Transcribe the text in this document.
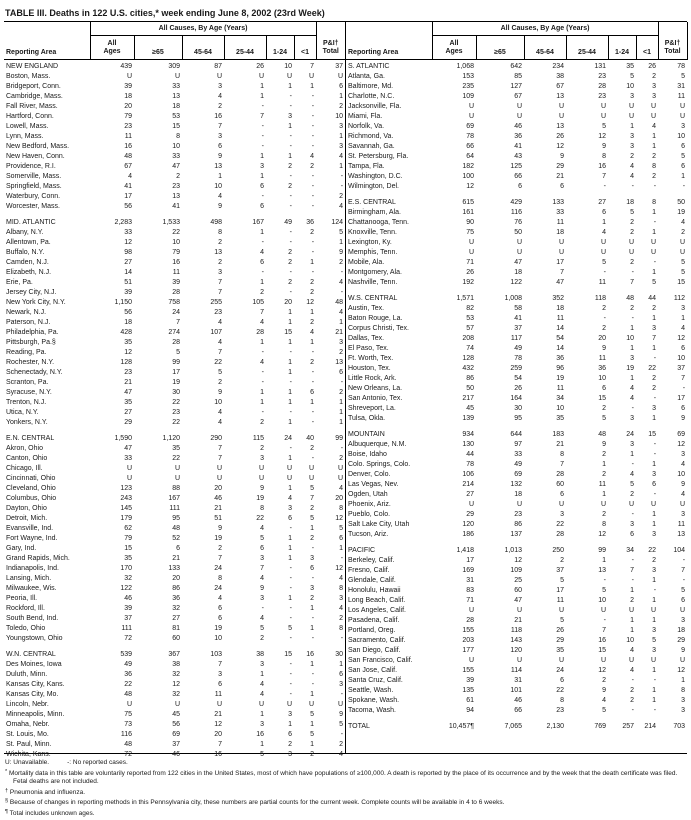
TABLE III. Deaths in 122 U.S. cities,* week ending June 8, 2002 (23rd Week)
Reporting Area	All Causes, By Age (Years)						P&I†
Total

	All
Ages	≥65	45-64	25-44	1-24	<1	
NEW ENGLAND	439	309	87	26	10	7	37
Boston, Mass.	U	U	U	U	U	U	U
Bridgeport, Conn.	39	33	3	1	1	1	6
Cambridge, Mass.	18	13	4	1	-	-	1
Fall River, Mass.	20	18	2	-	-	-	2
Hartford, Conn.	79	53	16	7	3	-	10
Lowell, Mass.	23	15	7	-	1	-	3
Lynn, Mass.	11	8	3	-	-	-	1
New Bedford, Mass.	16	10	6	-	-	-	3
New Haven, Conn.	48	33	9	1	1	4	4
Providence, R.I.	67	47	13	3	2	2	1
Somerville, Mass.	4	2	1	1	-	-	-
Springfield, Mass.	41	23	10	6	2	-	-
Waterbury, Conn.	17	13	4	-	-	-	2
Worcester, Mass.	56	41	9	6	-	-	4
MID. ATLANTIC	2,283	1,533	498	167	49	36	124
Albany, N.Y.	33	22	8	1	-	2	5
Allentown, Pa.	12	10	2	-	-	-	1
Buffalo, N.Y.	98	79	13	4	2	-	9
Camden, N.J.	27	16	2	6	2	1	2
Elizabeth, N.J.	14	11	3	-	-	-	-
Erie, Pa.	51	39	7	1	2	2	4
Jersey City, N.J.	39	28	7	2	-	2	-
New York City, N.Y.	1,150	758	255	105	20	12	48
Newark, N.J.	56	24	23	7	1	1	4
Paterson, N.J.	18	7	4	4	1	2	1
Philadelphia, Pa.	428	274	107	28	15	4	21
Pittsburgh, Pa.§	35	28	4	1	1	1	3
Reading, Pa.	12	5	7	-	-	-	2
Rochester, N.Y.	128	99	22	4	1	2	13
Schenectady, N.Y.	23	17	5	-	1	-	6
Scranton, Pa.	21	19	2	-	-	-	-
Syracuse, N.Y.	47	30	9	1	1	6	2
Trenton, N.J.	35	22	10	1	1	1	1
Utica, N.Y.	27	23	4	-	-	-	1
Yonkers, N.Y.	29	22	4	2	1	-	1
E.N. CENTRAL	1,590	1,120	290	115	24	40	99
Akron, Ohio	47	35	7	2	-	2	-
Canton, Ohio	33	22	7	3	1	-	2
Chicago, Ill.	U	U	U	U	U	U	U
Cincinnati, Ohio	U	U	U	U	U	U	U
Cleveland, Ohio	123	88	20	9	1	5	4
Columbus, Ohio	243	167	46	19	4	7	20
Dayton, Ohio	145	111	21	8	3	2	8
Detroit, Mich.	179	95	51	22	6	5	12
Evansville, Ind.	62	48	9	4	-	1	5
Fort Wayne, Ind.	79	52	19	5	1	2	6
Gary, Ind.	15	6	2	6	1	-	1
Grand Rapids, Mich.	35	21	7	3	1	3	-
Indianapolis, Ind.	170	133	24	7	-	6	12
Lansing, Mich.	32	20	8	4	-	-	4
Milwaukee, Wis.	122	86	24	9	-	3	8
Peoria, Ill.	46	36	4	3	1	2	3
Rockford, Ill.	39	32	6	-	-	1	4
South Bend, Ind.	37	27	6	4	-	-	2
Toledo, Ohio	111	81	19	5	5	1	8
Youngstown, Ohio	72	60	10	2	-	-	-
W.N. CENTRAL	539	367	103	38	15	16	30
Des Moines, Iowa	49	38	7	3	-	1	1
Duluth, Minn.	36	32	3	1	-	-	6
Kansas City, Kans.	22	12	6	4	-	-	3
Kansas City, Mo.	48	32	11	4	-	1	-
Lincoln, Nebr.	U	U	U	U	U	U	U
Minneapolis, Minn.	75	45	21	1	3	5	9
Omaha, Nebr.	73	56	12	3	1	1	5
St. Louis, Mo.	116	69	20	16	6	5	-
St. Paul, Minn.	48	37	7	1	2	1	2
Wichita, Kans.	72	46	16	5	3	2	4
Reporting Area	All Causes, By Age (Years)						P&I†
Total

	All
Ages	≥65	45-64	25-44	1-24	<1	
S. ATLANTIC	1,068	642	234	131	35	26	78
Atlanta, Ga.	153	85	38	23	5	2	5
Baltimore, Md.	235	127	67	28	10	3	31
Charlotte, N.C.	109	67	13	23	3	3	11
Jacksonville, Fla.	U	U	U	U	U	U	U
Miami, Fla.	U	U	U	U	U	U	U
Norfolk, Va.	69	46	13	5	1	4	3
Richmond, Va.	78	36	26	12	3	1	10
Savannah, Ga.	66	41	12	9	3	1	6
St. Petersburg, Fla.	64	43	9	8	2	2	5
Tampa, Fla.	182	125	29	16	4	8	6
Washington, D.C.	100	66	21	7	4	2	1
Wilmington, Del.	12	6	6	-	-	-	-
E.S. CENTRAL	615	429	133	27	18	8	50
Birmingham, Ala.	161	116	33	6	5	1	19
Chattanooga, Tenn.	90	76	11	1	2	-	4
Knoxville, Tenn.	75	50	18	4	2	1	2
Lexington, Ky.	U	U	U	U	U	U	U
Memphis, Tenn.	U	U	U	U	U	U	U
Mobile, Ala.	71	47	17	5	2	-	5
Montgomery, Ala.	26	18	7	-	-	1	5
Nashville, Tenn.	192	122	47	11	7	5	15
W.S. CENTRAL	1,571	1,008	352	118	48	44	112
Austin, Tex.	82	58	18	2	2	2	3
Baton Rouge, La.	53	41	11	-	-	1	1
Corpus Christi, Tex.	57	37	14	2	1	3	4
Dallas, Tex.	208	117	54	20	10	7	12
El Paso, Tex.	74	49	14	9	1	1	6
Ft. Worth, Tex.	128	78	36	11	3	-	10
Houston, Tex.	432	259	96	36	19	22	37
Little Rock, Ark.	86	54	19	10	1	2	7
New Orleans, La.	50	26	11	6	4	2	-
San Antonio, Tex.	217	164	34	15	4	-	17
Shreveport, La.	45	30	10	2	-	3	6
Tulsa, Okla.	139	95	35	5	3	1	9
MOUNTAIN	934	644	183	48	24	15	69
Albuquerque, N.M.	130	97	21	9	3	-	12
Boise, Idaho	44	33	8	2	1	-	3
Colo. Springs, Colo.	78	49	7	1	-	1	4
Denver, Colo.	106	69	28	2	4	3	10
Las Vegas, Nev.	214	132	60	11	5	6	9
Ogden, Utah	27	18	6	1	2	-	4
Phoenix, Ariz.	U	U	U	U	U	U	U
Pueblo, Colo.	29	23	3	2	-	1	3
Salt Lake City, Utah	120	86	22	8	3	1	11
Tucson, Ariz.	186	137	28	12	6	3	13
PACIFIC	1,418	1,013	250	99	34	22	104
Berkeley, Calif.	17	12	2	1	-	2	-
Fresno, Calif.	169	109	37	13	7	3	7
Glendale, Calif.	31	25	5	-	-	1	-
Honolulu, Hawaii	83	60	17	5	1	-	5
Long Beach, Calif.	71	47	11	10	2	1	6
Los Angeles, Calif.	U	U	U	U	U	U	U
Pasadena, Calif.	28	21	5	-	1	1	3
Portland, Oreg.	155	118	26	7	1	3	18
Sacramento, Calif.	203	143	29	16	10	5	29
San Diego, Calif.	177	120	35	15	4	3	9
San Francisco, Calif.	U	U	U	U	U	U	U
San Jose, Calif.	155	114	24	12	4	1	12
Santa Cruz, Calif.	39	31	6	2	-	-	1
Seattle, Wash.	135	101	22	9	2	1	8
Spokane, Wash.	61	46	8	4	2	1	3
Tacoma, Wash.	94	66	23	5	-	-	3
TOTAL	10,457¶	7,065	2,130	769	257	214	703
U: Unavailable.          -: No reported cases.
* Mortality data in this table are voluntarily reported from 122 cities in the United States, most of which have populations of ≥100,000. A death is reported by the place of its occurrence and by the week that the death certificate was filed. Fetal deaths are not included.
† Pneumonia and influenza.
§ Because of changes in reporting methods in this Pennsylvania city, these numbers are partial counts for the current week. Complete counts will be available in 4 to 6 weeks.
¶ Total includes unknown ages.
